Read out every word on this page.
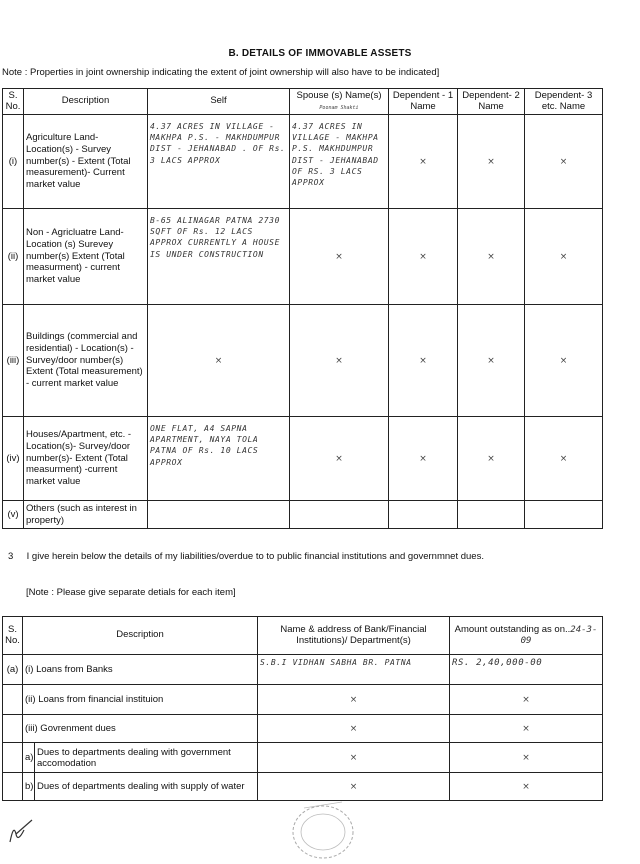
B. DETAILS OF IMMOVABLE ASSETS
Note : Properties in joint ownership indicating the extent of joint ownership will also have to be indicated]
S. No.	Description	Self	Spouse (s) Name(s) Poonam Shakti	Dependent - 1 Name	Dependent- 2 Name	Dependent- 3 etc. Name
(i)	Agriculture Land- Location(s) - Survey number(s) - Extent (Total measurement)- Current market value	4.37 ACRES IN VILLAGE - MAKHPA P.S. - MAKHDUMPUR DIST - JEHANABAD . OF Rs. 3 LACS APPROX	4.37 ACRES IN VILLAGE - MAKHPA P.S. MAKHDUMPUR DIST - JEHANABAD OF RS. 3 LACS APPROX	×	×	×
(ii)	Non - Agricluatre Land- Location (s) Surevey number(s) Extent (Total measurment) - current market value	B-65 ALINAGAR PATNA 2730 SQFT OF Rs. 12 LACS APPROX CURRENTLY A HOUSE IS UNDER CONSTRUCTION	×	×	×	×
(iii)	Buildings (commercial and residential) - Location(s) - Survey/door number(s) Extent (Total measurement) - current market value	×	×	×	×	×
(iv)	Houses/Apartment, etc. - Location(s)- Survey/door number(s)- Extent (Total measurment) -current market value	ONE FLAT, A4 SAPNA APARTMENT, NAYA TOLA PATNA OF Rs. 10 LACS APPROX	×	×	×	×
(v)	Others (such as interest in property)					
3 I give herein below the details of my liabilities/overdue to to public financial institutions and governmnet dues.
[Note : Please give separate detials for each item]
S. No.	Description		Name & address of Bank/Financial Institutions)/ Department(s)	Amount outstanding as on..24-3-09
(a)	(i) Loans from Banks		S.B.I VIDHAN SABHA BR. PATNA	RS. 2,40,000-00
	(ii) Loans from financial instituion		×	×
	(iii) Govrenment dues		×	×
	a)	Dues to departments dealing with government accomodation	×	×
	b)	Dues of departments dealing with supply of water	×	×
